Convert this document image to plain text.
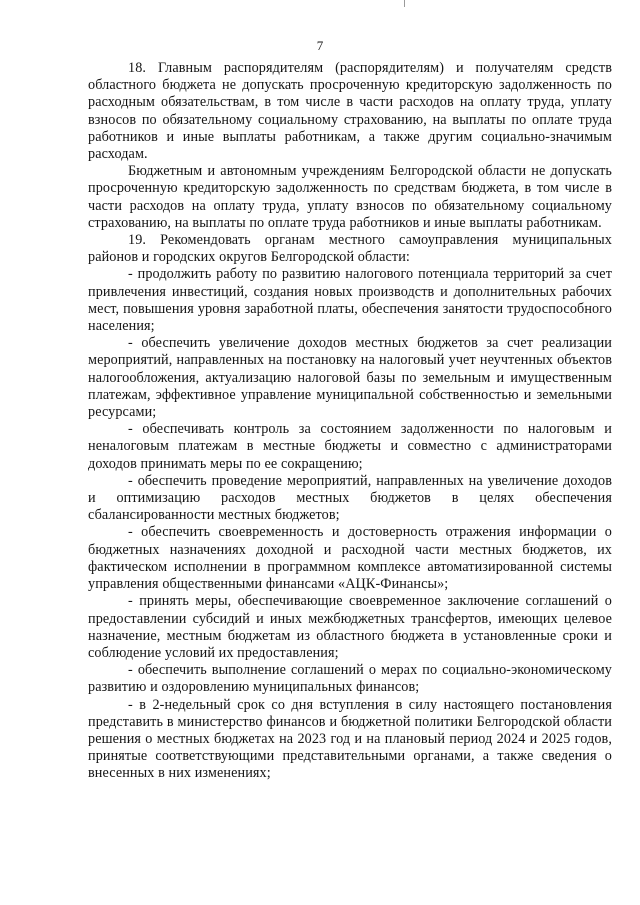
7

18. Главным распорядителям (распорядителям) и получателям средств областного бюджета не допускать просроченную кредиторскую задолженность по расходным обязательствам, в том числе в части расходов на оплату труда, уплату взносов по обязательному социальному страхованию, на выплаты по оплате труда работников и иные выплаты работникам, а также другим социально-значимым расходам.

Бюджетным и автономным учреждениям Белгородской области не допускать просроченную кредиторскую задолженность по средствам бюджета, в том числе в части расходов на оплату труда, уплату взносов по обязательному социальному страхованию, на выплаты по оплате труда работников и иные выплаты работникам.

19. Рекомендовать органам местного самоуправления муниципальных районов и городских округов Белгородской области:

- продолжить работу по развитию налогового потенциала территорий за счет привлечения инвестиций, создания новых производств и дополнительных рабочих мест, повышения уровня заработной платы, обеспечения занятости трудоспособного населения;

- обеспечить увеличение доходов местных бюджетов за счет реализации мероприятий, направленных на постановку на налоговый учет неучтенных объектов налогообложения, актуализацию налоговой базы по земельным и имущественным платежам, эффективное управление муниципальной собственностью и земельными ресурсами;

- обеспечивать контроль за состоянием задолженности по налоговым и неналоговым платежам в местные бюджеты и совместно с администраторами доходов принимать меры по ее сокращению;

- обеспечить проведение мероприятий, направленных на увеличение доходов и оптимизацию расходов местных бюджетов в целях обеспечения сбалансированности местных бюджетов;

- обеспечить своевременность и достоверность отражения информации о бюджетных назначениях доходной и расходной части местных бюджетов, их фактическом исполнении в программном комплексе автоматизированной системы управления общественными финансами «АЦК-Финансы»;

- принять меры, обеспечивающие своевременное заключение соглашений о предоставлении субсидий и иных межбюджетных трансфертов, имеющих целевое назначение, местным бюджетам из областного бюджета в установленные сроки и соблюдение условий их предоставления;

- обеспечить выполнение соглашений о мерах по социально-экономическому развитию и оздоровлению муниципальных финансов;

- в 2-недельный срок со дня вступления в силу настоящего постановления представить в министерство финансов и бюджетной политики Белгородской области решения о местных бюджетах на 2023 год и на плановый период 2024 и 2025 годов, принятые соответствующими представительными органами, а также сведения о внесенных в них изменениях;
